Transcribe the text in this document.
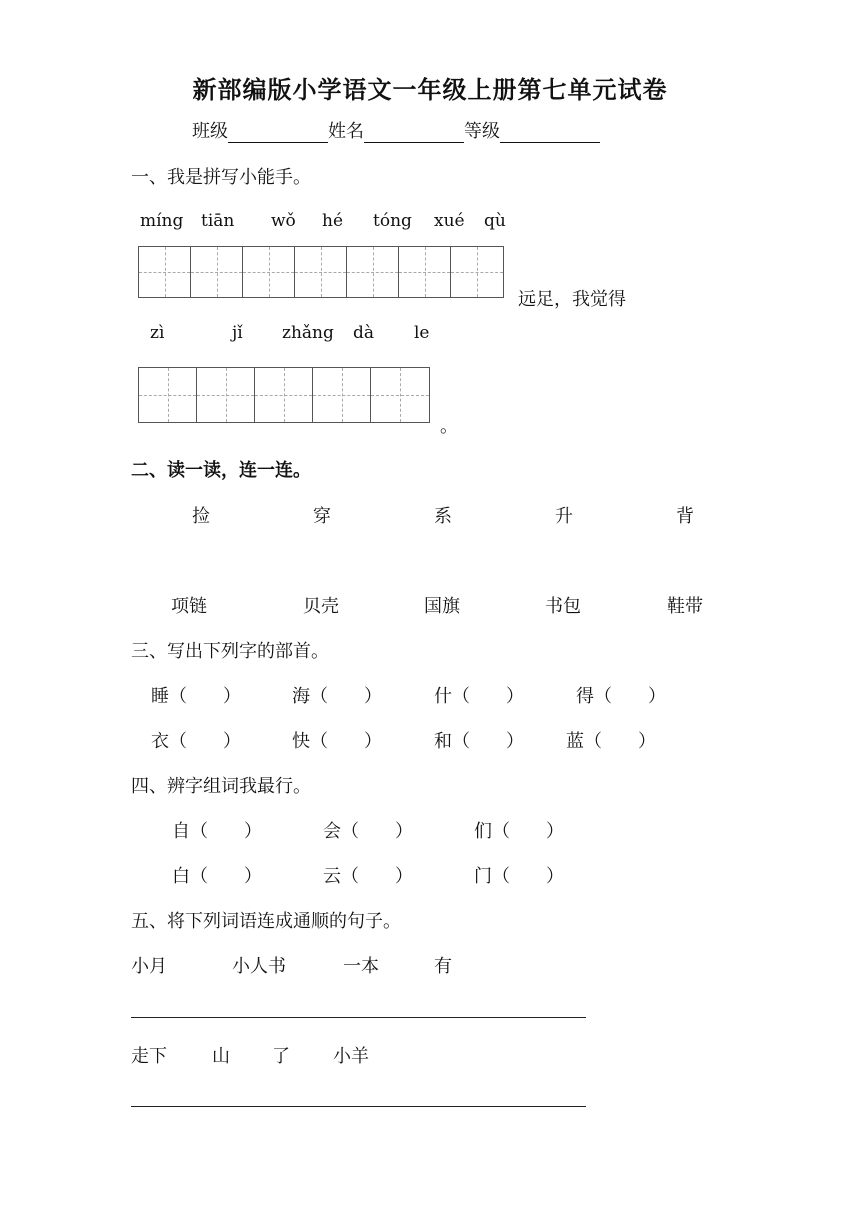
新部编版小学语文一年级上册第七单元试卷
班级	姓名	等级
一、我是拼写小能手。
míng tiān wǒ hé tóng xué qù
远足，我觉得
zì	jǐ zhǎng dà le
。
二、读一读，连一连。
捡	穿	系	升	背
项链	贝壳	国旗	书包	鞋带
三、写出下列字的部首。
睡（　　）	海（　　）	什（　　）	得（　　）
衣（　　）	快（　　）	和（　　） 蓝（　　）
四、辨字组词我最行。
自（　　）	会（　　）	们（　　）
白（　　）	云（　　）	门（　　）
五、将下列词语连成通顺的句子。
小月	小人书	一本	有
走下	山 了 小羊
